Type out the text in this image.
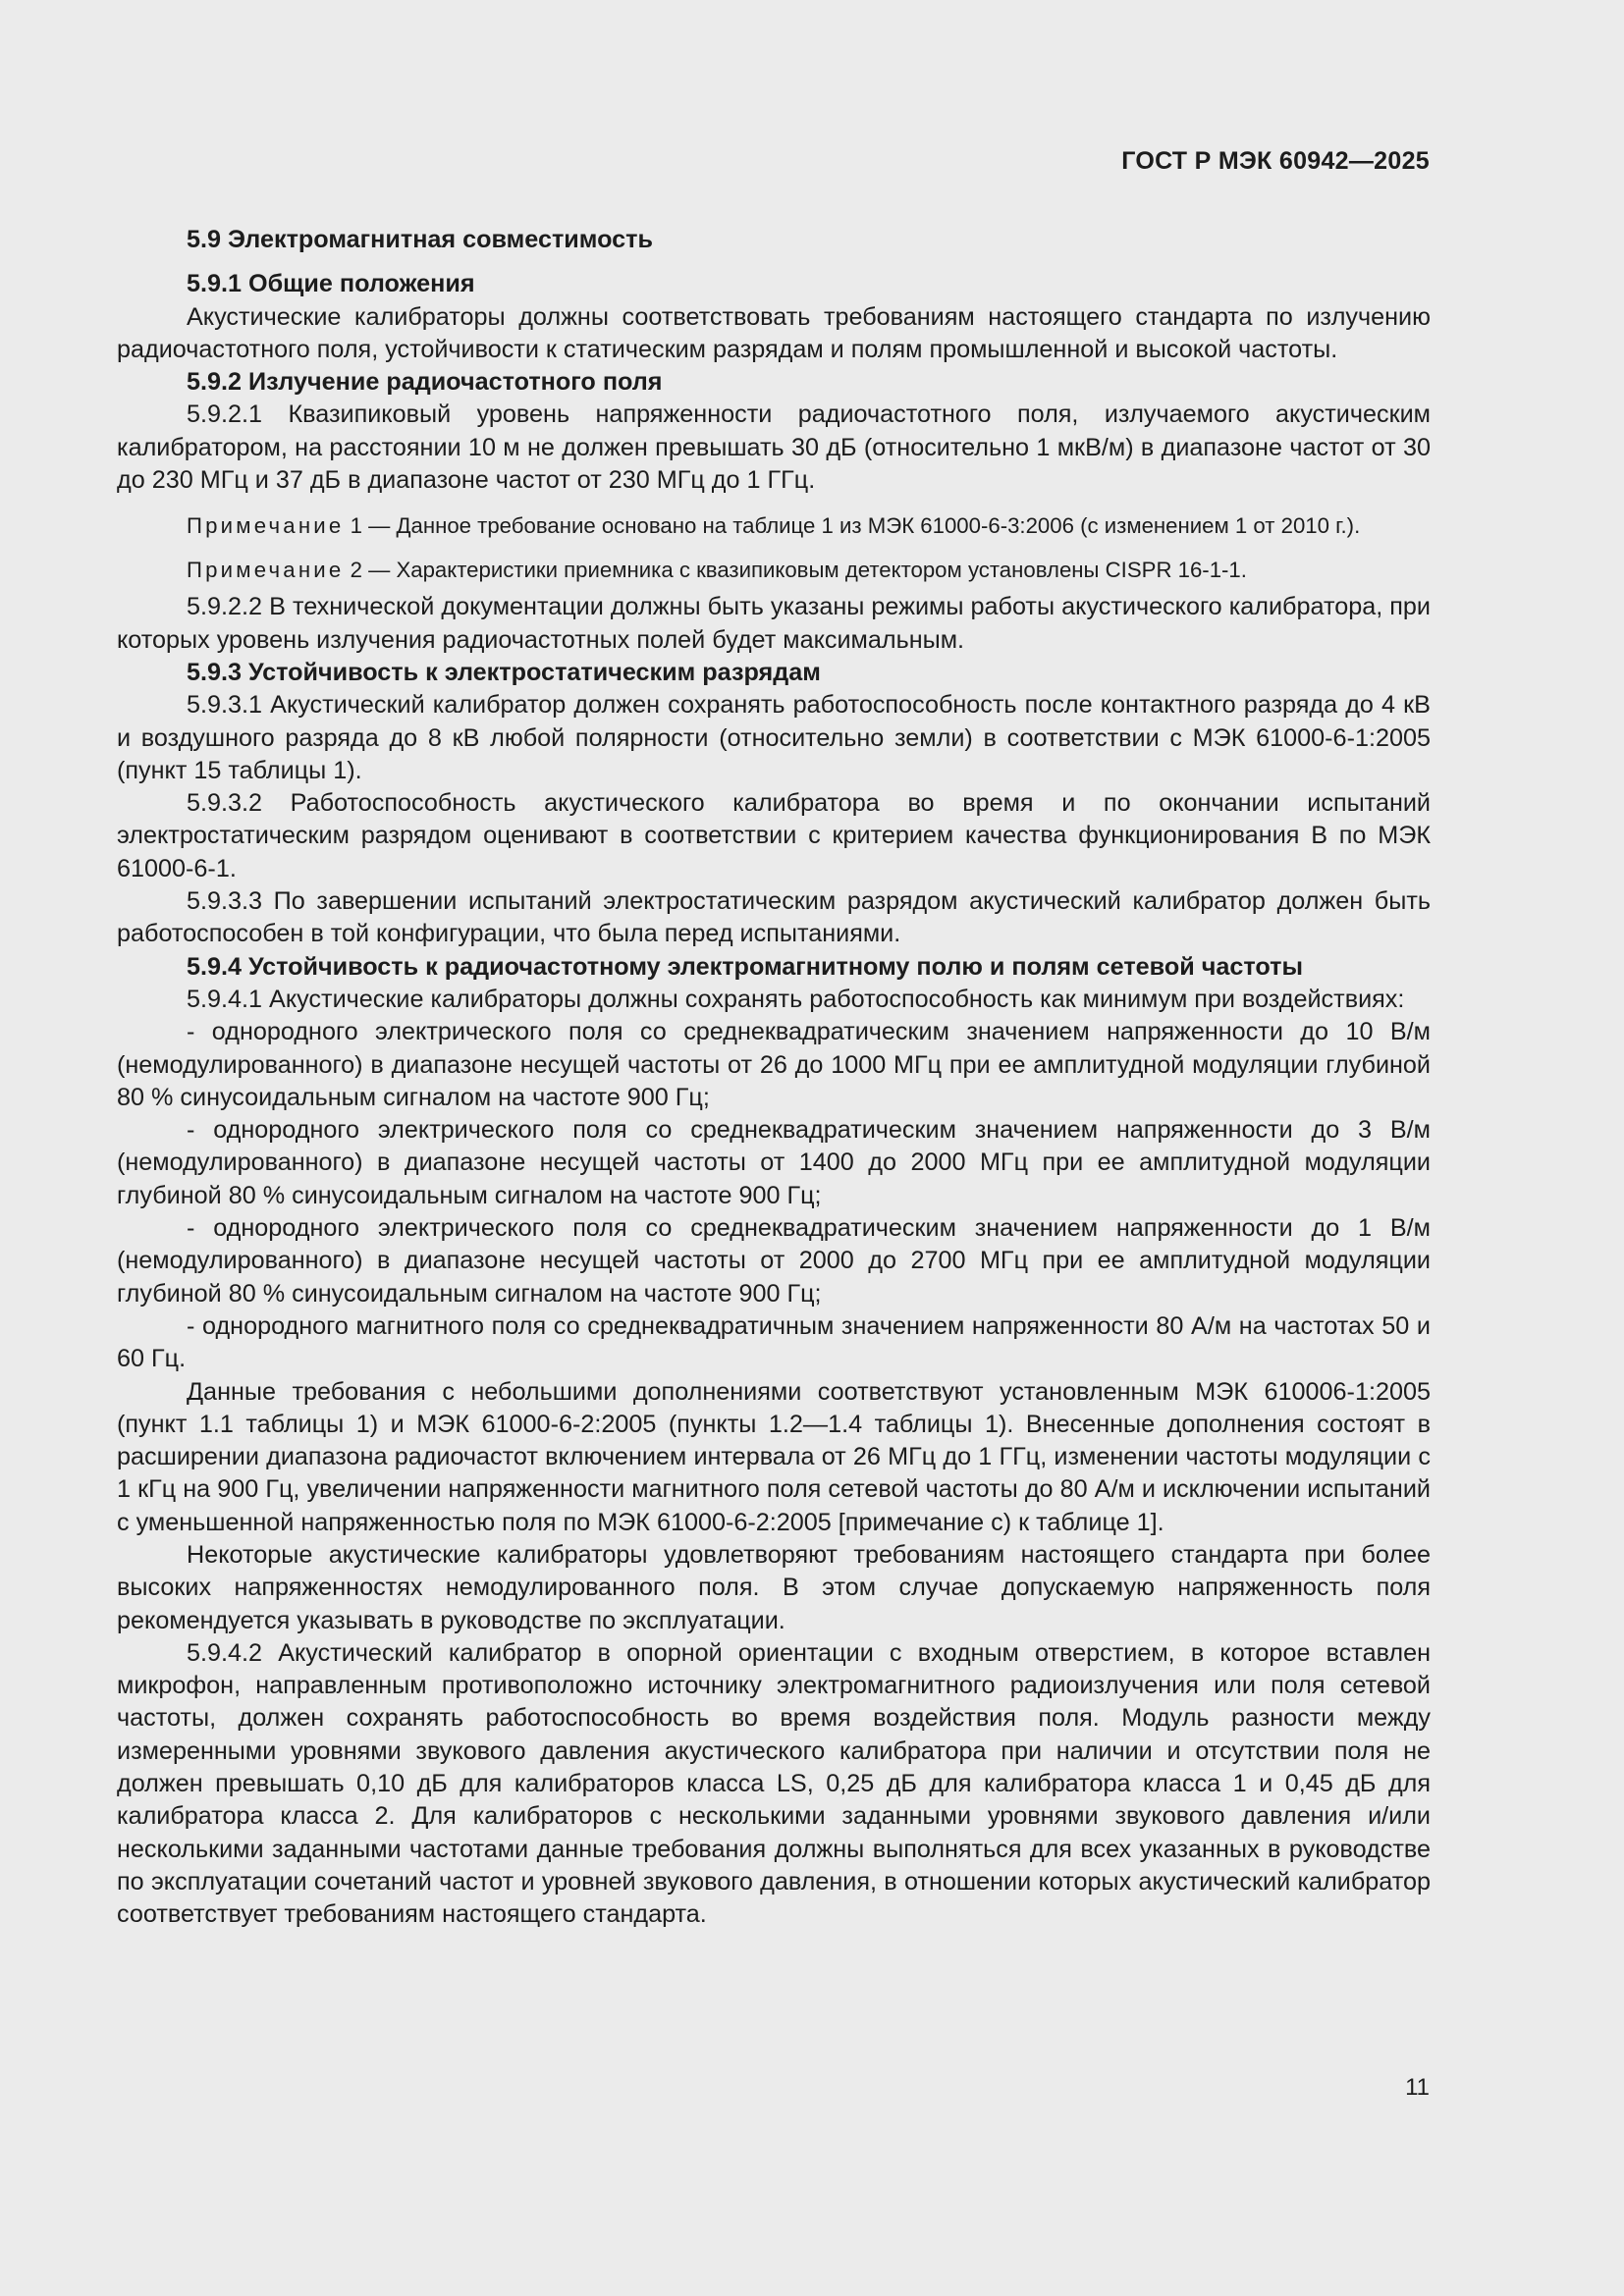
ГОСТ Р МЭК 60942—2025
5.9 Электромагнитная совместимость
5.9.1 Общие положения

Акустические калибраторы должны соответствовать требованиям настоящего стандарта по излучению радиочастотного поля, устойчивости к статическим разрядам и полям промышленной и высокой частоты.

5.9.2 Излучение радиочастотного поля

5.9.2.1 Квазипиковый уровень напряженности радиочастотного поля, излучаемого акустическим калибратором, на расстоянии 10 м не должен превышать 30 дБ (относительно 1 мкВ/м) в диапазоне частот от 30 до 230 МГц и 37 дБ в диапазоне частот от 230 МГц до 1 ГГц.

Примечание 1 — Данное требование основано на таблице 1 из МЭК 61000-6-3:2006 (с изменением 1 от 2010 г.).

Примечание 2 — Характеристики приемника с квазипиковым детектором установлены CISPR 16-1-1.

5.9.2.2 В технической документации должны быть указаны режимы работы акустического калибратора, при которых уровень излучения радиочастотных полей будет максимальным.

5.9.3 Устойчивость к электростатическим разрядам

5.9.3.1 Акустический калибратор должен сохранять работоспособность после контактного разряда до 4 кВ и воздушного разряда до 8 кВ любой полярности (относительно земли) в соответствии с МЭК 61000-6-1:2005 (пункт 15 таблицы 1).

5.9.3.2 Работоспособность акустического калибратора во время и по окончании испытаний электростатическим разрядом оценивают в соответствии с критерием качества функционирования В по МЭК 61000-6-1.

5.9.3.3 По завершении испытаний электростатическим разрядом акустический калибратор должен быть работоспособен в той конфигурации, что была перед испытаниями.

5.9.4 Устойчивость к радиочастотному электромагнитному полю и полям сетевой частоты

5.9.4.1 Акустические калибраторы должны сохранять работоспособность как минимум при воздействиях:

- однородного электрического поля со среднеквадратическим значением напряженности до 10 В/м (немодулированного) в диапазоне несущей частоты от 26 до 1000 МГц при ее амплитудной модуляции глубиной 80 % синусоидальным сигналом на частоте 900 Гц;

- однородного электрического поля со среднеквадратическим значением напряженности до 3 В/м (немодулированного) в диапазоне несущей частоты от 1400 до 2000 МГц при ее амплитудной модуляции глубиной 80 % синусоидальным сигналом на частоте 900 Гц;

- однородного электрического поля со среднеквадратическим значением напряженности до 1 В/м (немодулированного) в диапазоне несущей частоты от 2000 до 2700 МГц при ее амплитудной модуляции глубиной 80 % синусоидальным сигналом на частоте 900 Гц;

- однородного магнитного поля со среднеквадратичным значением напряженности 80 А/м на частотах 50 и 60 Гц.

Данные требования с небольшими дополнениями соответствуют установленным МЭК 610006-1:2005 (пункт 1.1 таблицы 1) и МЭК 61000-6-2:2005 (пункты 1.2—1.4 таблицы 1). Внесенные дополнения состоят в расширении диапазона радиочастот включением интервала от 26 МГц до 1 ГГц, изменении частоты модуляции с 1 кГц на 900 Гц, увеличении напряженности магнитного поля сетевой частоты до 80 А/м и исключении испытаний с уменьшенной напряженностью поля по МЭК 61000-6-2:2005 [примечание с) к таблице 1].

Некоторые акустические калибраторы удовлетворяют требованиям настоящего стандарта при более высоких напряженностях немодулированного поля. В этом случае допускаемую напряженность поля рекомендуется указывать в руководстве по эксплуатации.

5.9.4.2 Акустический калибратор в опорной ориентации с входным отверстием, в которое вставлен микрофон, направленным противоположно источнику электромагнитного радиоизлучения или поля сетевой частоты, должен сохранять работоспособность во время воздействия поля. Модуль разности между измеренными уровнями звукового давления акустического калибратора при наличии и отсутствии поля не должен превышать 0,10 дБ для калибраторов класса LS, 0,25 дБ для калибратора класса 1 и 0,45 дБ для калибратора класса 2. Для калибраторов с несколькими заданными уровнями звукового давления и/или несколькими заданными частотами данные требования должны выполняться для всех указанных в руководстве по эксплуатации сочетаний частот и уровней звукового давления, в отношении которых акустический калибратор соответствует требованиям настоящего стандарта.

11
